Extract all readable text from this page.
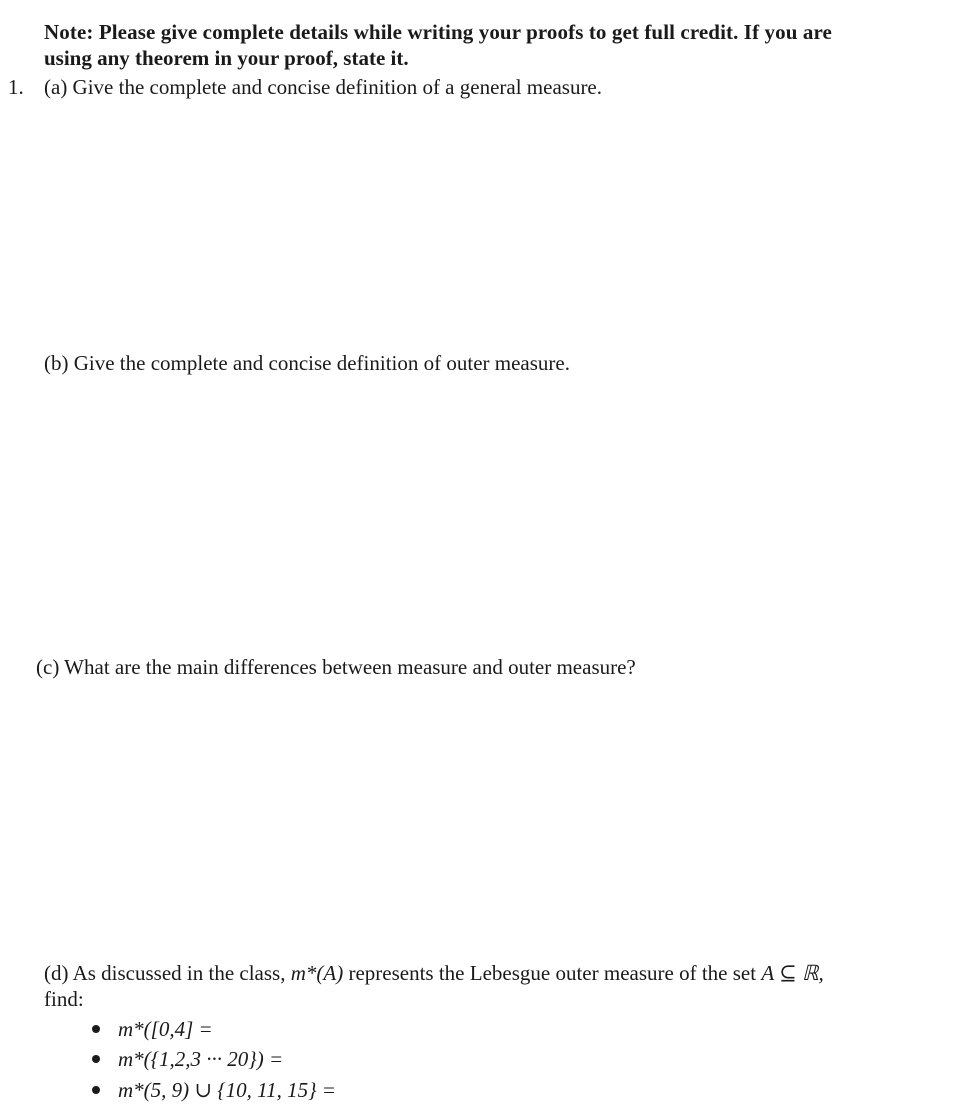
Note: Please give complete details while writing your proofs to get full credit. If you are
using any theorem in your proof, state it.
1. (a) Give the complete and concise definition of a general measure.
(b) Give the complete and concise definition of outer measure.
(c) What are the main differences between measure and outer measure?
(d) As discussed in the class, m*(A) represents the Lebesgue outer measure of the set A ⊆ ℝ,
find:
m*([0,4] =
m*({1,2,3 ··· 20}) =
m*(5, 9) ∪ {10, 11, 15} =
